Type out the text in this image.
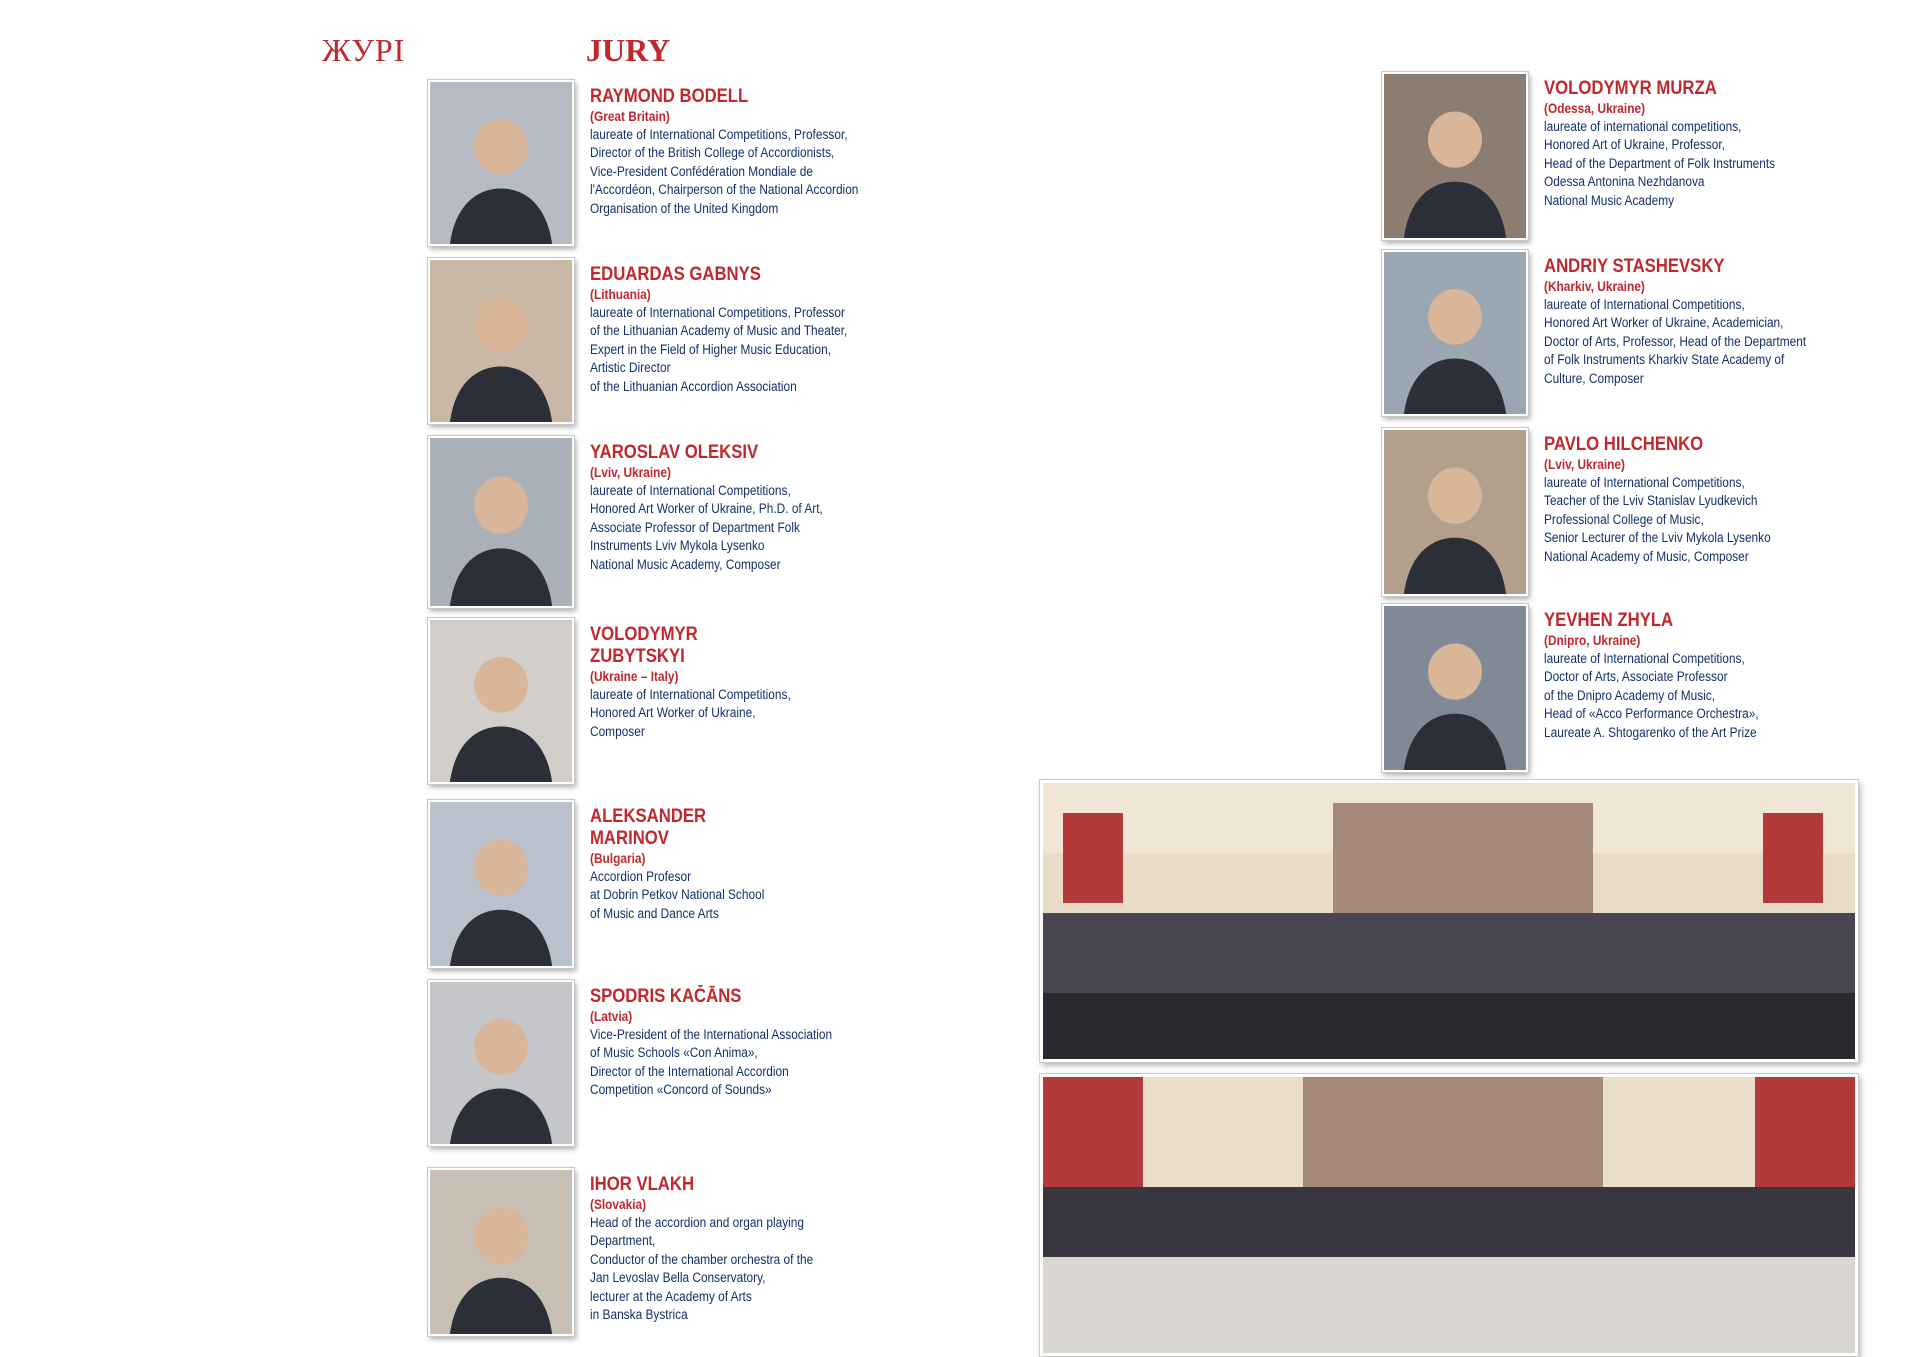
ЖУРІ	JURY
RAYMOND BODELL
(Great Britain)
laureate of International Competitions, Professor,
Director of the British College of Accordionists,
Vice-President Confédération Mondiale de
l'Accordéon, Chairperson of the National Accordion
Organisation of the United Kingdom
EDUARDAS GABNYS
(Lithuania)
laureate of International Competitions, Professor
of the Lithuanian Academy of Music and Theater,
Expert in the Field of Higher Music Education,
Artistic Director
of the Lithuanian Accordion Association
YAROSLAV OLEKSIV
(Lviv, Ukraine)
laureate of International Competitions,
Honored Art Worker of Ukraine, Ph.D. of Art,
Associate Professor of Department Folk
Instruments Lviv Mykola Lysenko
National Music Academy, Composer
VOLODYMYR ZUBYTSKYI
(Ukraine – Italy)
laureate of International Competitions,
Honored Art Worker of Ukraine,
Composer
ALEKSANDER MARINOV
(Bulgaria)
Accordion Profesor
at Dobrin Petkov National School
of Music and Dance Arts
SPODRIS KAČĀNS
(Latvia)
Vice-President of the International Association
of Music Schools «Con Anima»,
Director of the International Accordion
Competition «Concord of Sounds»
IHOR VLAKH
(Slovakia)
Head of the accordion and organ playing
Department,
Conductor of the chamber orchestra of the
Jan Levoslav Bella Conservatory,
lecturer at the Academy of Arts
in Banska Bystrica
VOLODYMYR MURZA
(Odessa, Ukraine)
laureate of international competitions,
Honored Art of Ukraine, Professor,
Head of the Department of Folk Instruments
Odessa Antonina Nezhdanova
National Music Academy
ANDRIY STASHEVSKY
(Kharkiv, Ukraine)
laureate of International Competitions,
Honored Art Worker of Ukraine, Academician,
Doctor of Arts, Professor, Head of the Department
of Folk Instruments Kharkiv State Academy of
Culture, Composer
PAVLO HILCHENKO
(Lviv, Ukraine)
laureate of International Competitions,
Teacher of the Lviv Stanislav Lyudkevich
Professional College of Music,
Senior Lecturer of the Lviv Mykola Lysenko
National Academy of Music, Composer
YEVHEN ZHYLA
(Dnipro, Ukraine)
laureate of International Competitions,
Doctor of Arts, Associate Professor
of the Dnipro Academy of Music,
Head of «Acco Performance Orchestra»,
Laureate A. Shtogarenko of the Art Prize
